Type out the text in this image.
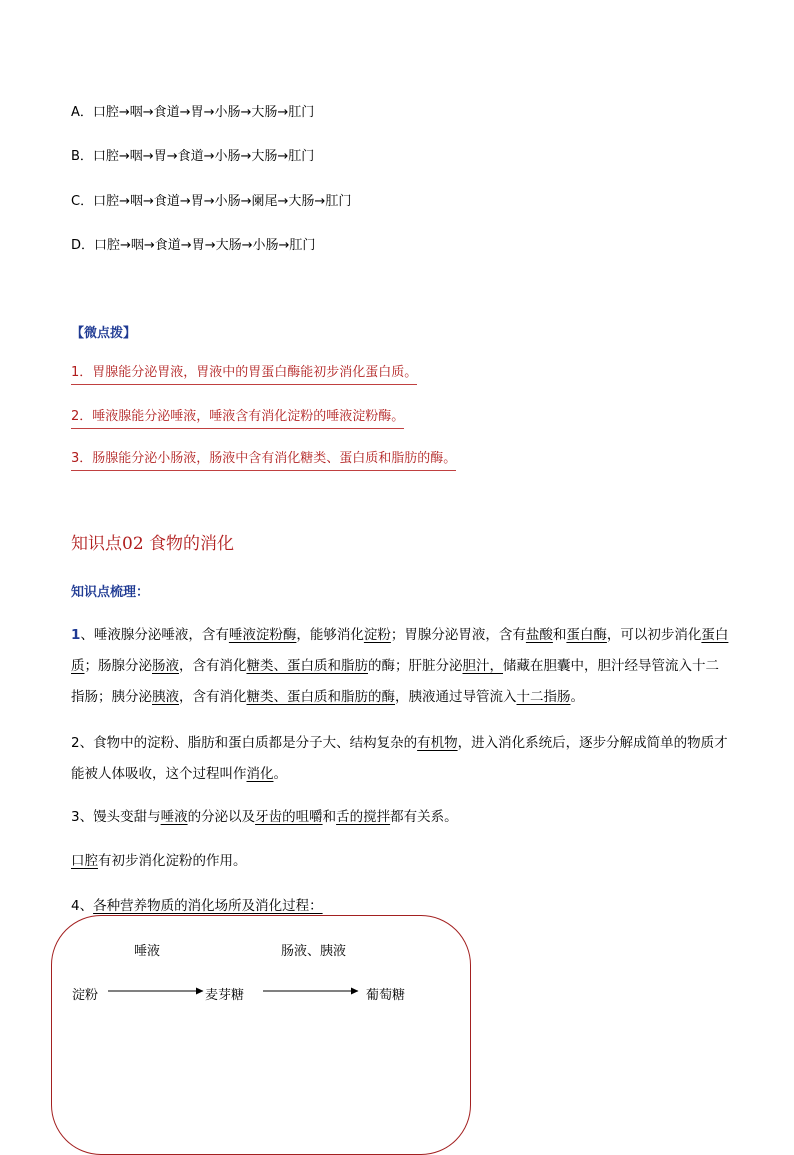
A．口腔→咽→食道→胃→小肠→大肠→肛门
B．口腔→咽→胃→食道→小肠→大肠→肛门
C．口腔→咽→食道→胃→小肠→阑尾→大肠→肛门
D．口腔→咽→食道→胃→大肠→小肠→肛门
【微点拨】
1．胃腺能分泌胃液，胃液中的胃蛋白酶能初步消化蛋白质。
2．唾液腺能分泌唾液，唾液含有消化淀粉的唾液淀粉酶。
3．肠腺能分泌小肠液，肠液中含有消化糖类、蛋白质和脂肪的酶。
知识点02 食物的消化
知识点梳理：
1、唾液腺分泌唾液，含有唾液淀粉酶，能够消化淀粉；胃腺分泌胃液，含有盐酸和蛋白酶，可以初步消化蛋白质；肠腺分泌肠液，含有消化糖类、蛋白质和脂肪的酶；肝脏分泌胆汁，储藏在胆囊中，胆汁经导管流入十二指肠；胰分泌胰液，含有消化糖类、蛋白质和脂肪的酶，胰液通过导管流入十二指肠。
2、食物中的淀粉、脂肪和蛋白质都是分子大、结构复杂的有机物，进入消化系统后，逐步分解成简单的物质才能被人体吸收，这个过程叫作消化。
3、馒头变甜与唾液的分泌以及牙齿的咀嚼和舌的搅拌都有关系。
口腔有初步消化淀粉的作用。
4、各种营养物质的消化场所及消化过程：
唾液	肠液、胰液
淀粉	麦芽糖	葡萄糖
